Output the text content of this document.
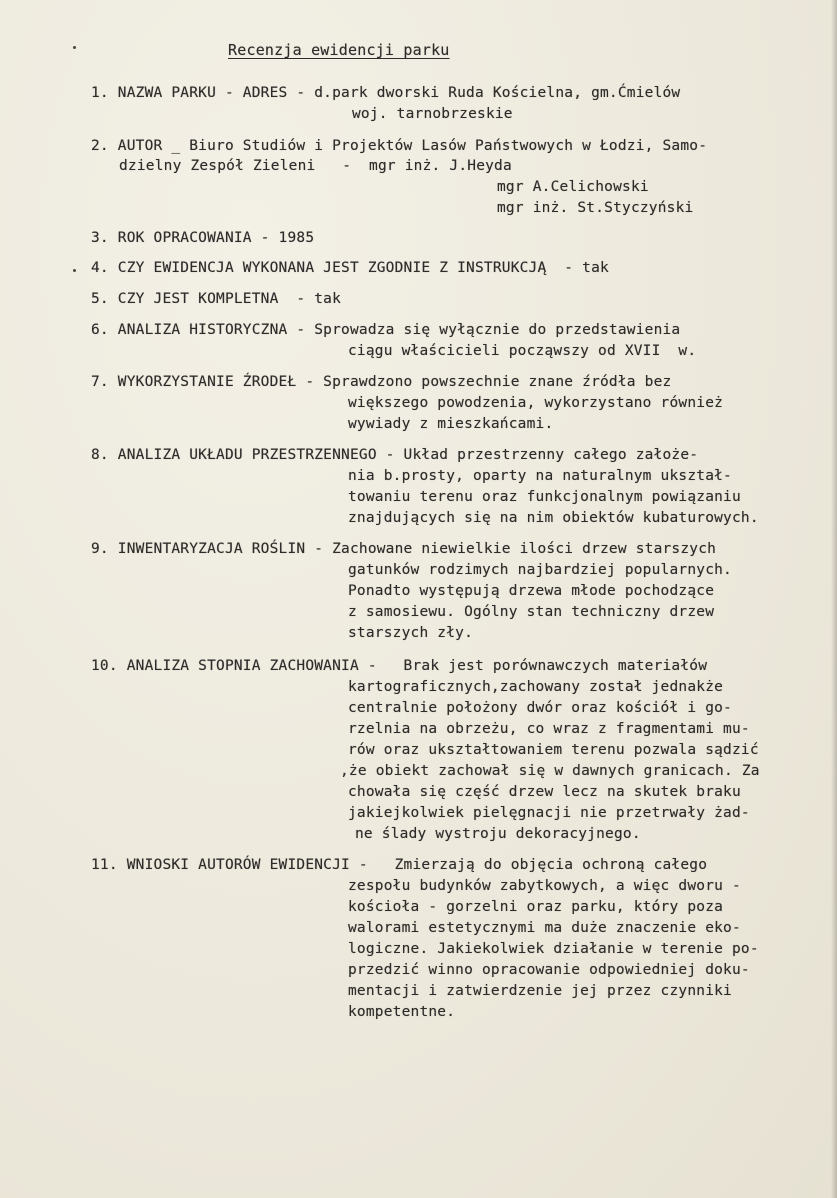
Recenzja ewidencji parku
1. NAZWA PARKU - ADRES - d.park dworski Ruda Kościelna, gm.Ćmielów
woj. tarnobrzeskie
2. AUTOR _ Biuro Studiów i Projektów Lasów Państwowych w Łodzi, Samo-
dzielny Zespół Zieleni   -  mgr inż. J.Heyda
mgr A.Celichowski
mgr inż. St.Styczyński
3. ROK OPRACOWANIA - 1985
4. CZY EWIDENCJA WYKONANA JEST ZGODNIE Z INSTRUKCJĄ  - tak
5. CZY JEST KOMPLETNA  - tak
6. ANALIZA HISTORYCZNA - Sprowadza się wyłącznie do przedstawienia
ciągu właścicieli począwszy od XVII  w.
7. WYKORZYSTANIE ŹRODEŁ - Sprawdzono powszechnie znane źródła bez
większego powodzenia, wykorzystano również
wywiady z mieszkańcami.
8. ANALIZA UKŁADU PRZESTRZENNEGO - Układ przestrzenny całego założe-
nia b.prosty, oparty na naturalnym ukształ-
towaniu terenu oraz funkcjonalnym powiązaniu
znajdujących się na nim obiektów kubaturowych.
9. INWENTARYZACJA ROŚLIN - Zachowane niewielkie ilości drzew starszych
gatunków rodzimych najbardziej popularnych.
Ponadto występują drzewa młode pochodzące
z samosiewu. Ogólny stan techniczny drzew
starszych zły.
10. ANALIZA STOPNIA ZACHOWANIA -   Brak jest porównawczych materiałów
kartograficznych,zachowany został jednakże
centralnie położony dwór oraz kościół i go-
rzelnia na obrzeżu, co wraz z fragmentami mu-
rów oraz ukształtowaniem terenu pozwala sądzić
,że obiekt zachował się w dawnych granicach. Za
chowała się część drzew lecz na skutek braku
jakiejkolwiek pielęgnacji nie przetrwały żad-
ne ślady wystroju dekoracyjnego.
11. WNIOSKI AUTORÓW EWIDENCJI -   Zmierzają do objęcia ochroną całego
zespołu budynków zabytkowych, a więc dworu -
kościoła - gorzelni oraz parku, który poza
walorami estetycznymi ma duże znaczenie eko-
logiczne. Jakiekolwiek działanie w terenie po-
przedzić winno opracowanie odpowiedniej doku-
mentacji i zatwierdzenie jej przez czynniki
kompetentne.
